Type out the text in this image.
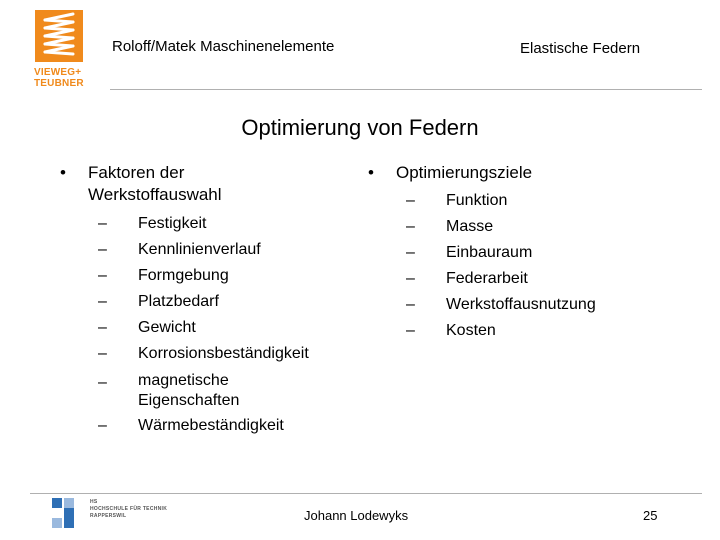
VIEWEG+
TEUBNER
Roloff/Matek Maschinenelemente	Elastische Federn
Optimierung von Federn
• Faktoren der
Werkstoffauswahl
– Festigkeit
– Kennlinienverlauf
– Formgebung
– Platzbedarf
– Gewicht
– Korrosionsbeständigkeit
– magnetische
Eigenschaften
– Wärmebeständigkeit
• Optimierungsziele
– Funktion
– Masse
– Einbauraum
– Federarbeit
– Werkstoffausnutzung
– Kosten
HS
HOCHSCHULE FÜR TECHNIK
RAPPERSWIL	Johann Lodewyks	25
